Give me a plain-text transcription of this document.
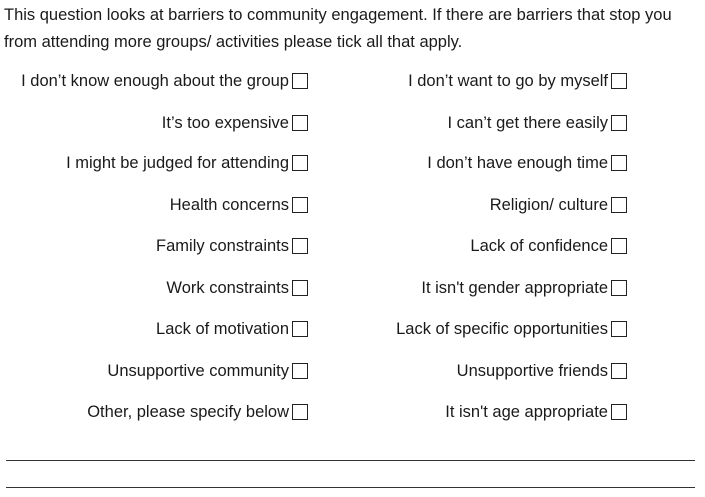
This question looks at barriers to community engagement. If there are barriers that stop you
from attending more groups/ activities please tick all that apply.

I don’t know enough about the group
It’s too expensive
I might be judged for attending
Health concerns
Family constraints
Work constraints
Lack of motivation
Unsupportive community
Other, please specify below
I don’t want to go by myself
I can’t get there easily
I don’t have enough time
Religion/ culture
Lack of confidence
It isn't gender appropriate
Lack of specific opportunities
Unsupportive friends
It isn't age appropriate
